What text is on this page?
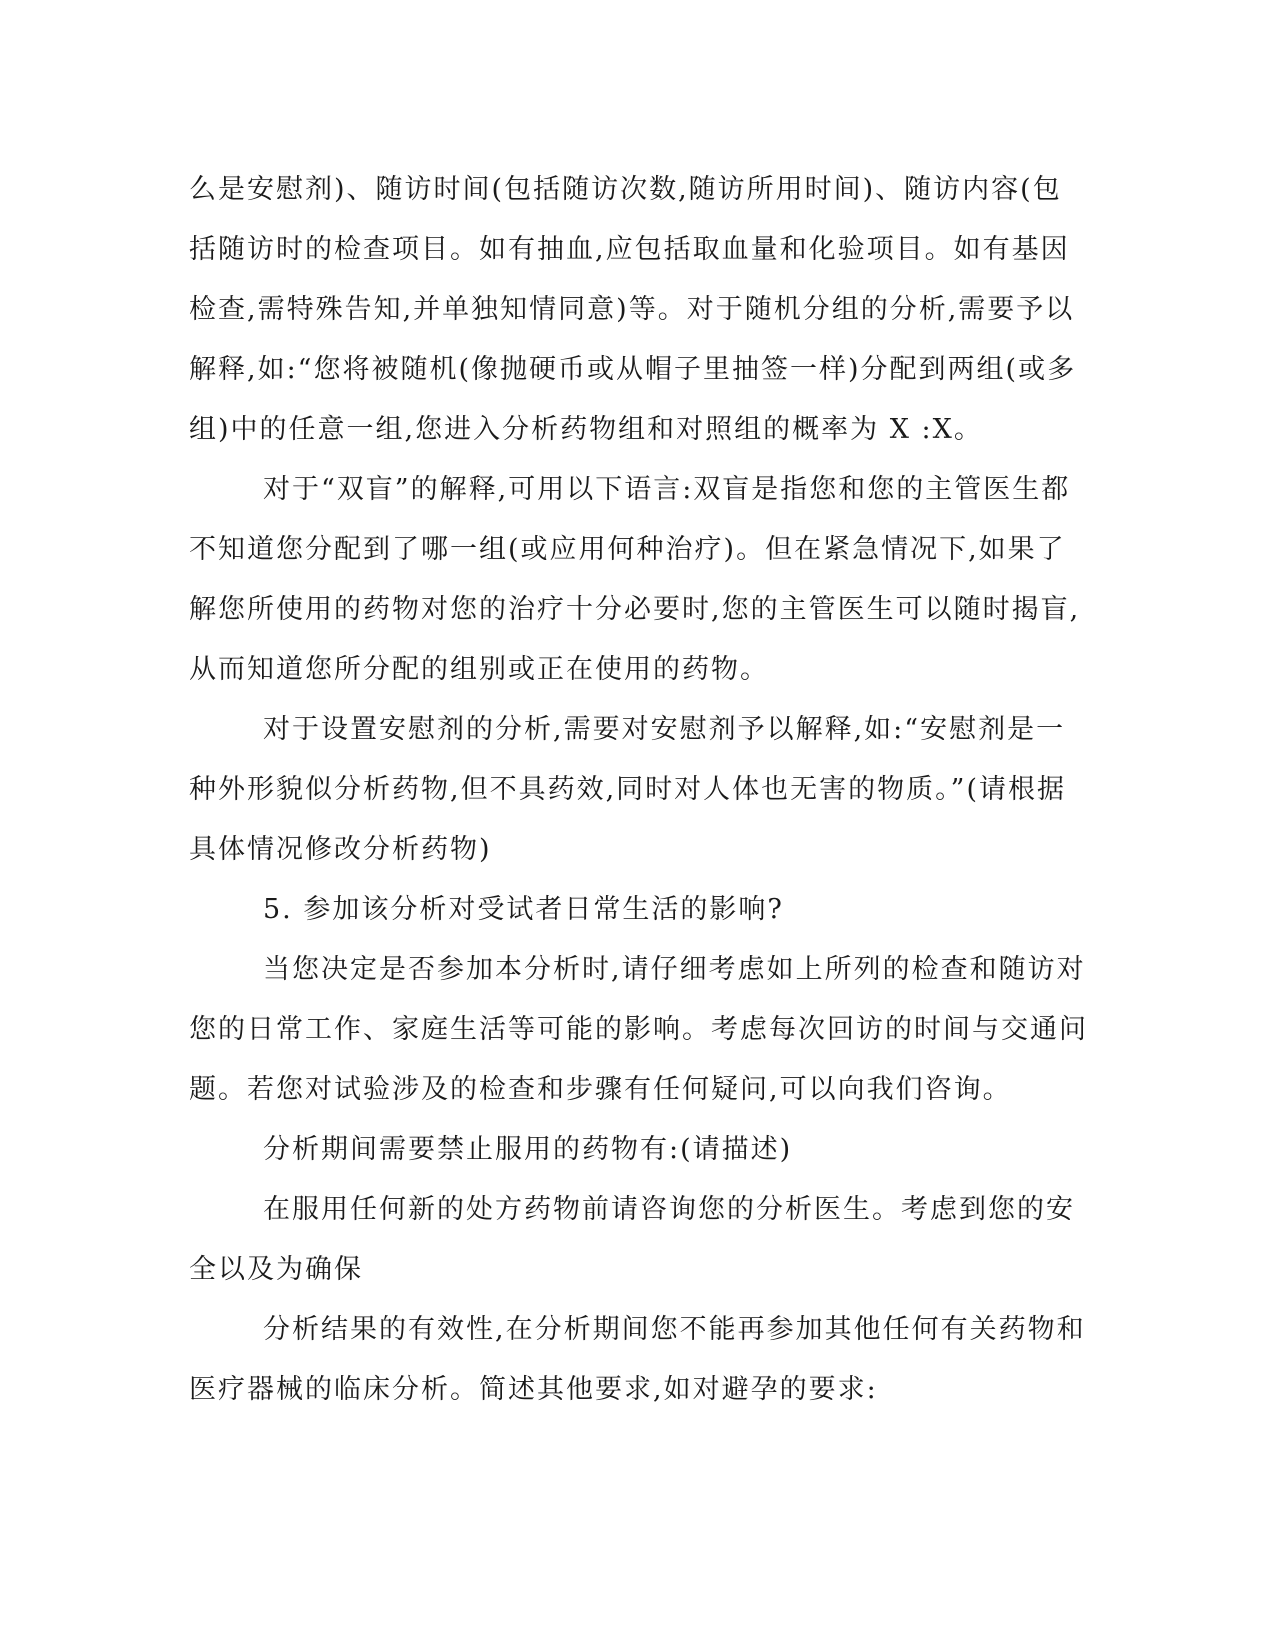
么是安慰剂)、随访时间(包括随访次数,随访所用时间)、随访内容(包括随访时的检查项目。如有抽血,应包括取血量和化验项目。如有基因检查,需特殊告知,并单独知情同意)等。对于随机分组的分析,需要予以解释,如:“您将被随机(像抛硬币或从帽子里抽签一样)分配到两组(或多组)中的任意一组,您进入分析药物组和对照组的概率为 X :X。

对于“双盲”的解释,可用以下语言:双盲是指您和您的主管医生都不知道您分配到了哪一组(或应用何种治疗)。但在紧急情况下,如果了解您所使用的药物对您的治疗十分必要时,您的主管医生可以随时揭盲,从而知道您所分配的组别或正在使用的药物。

对于设置安慰剂的分析,需要对安慰剂予以解释,如:“安慰剂是一种外形貌似分析药物,但不具药效,同时对人体也无害的物质。”(请根据具体情况修改分析药物)

5. 参加该分析对受试者日常生活的影响?

当您决定是否参加本分析时,请仔细考虑如上所列的检查和随访对您的日常工作、家庭生活等可能的影响。考虑每次回访的时间与交通问题。若您对试验涉及的检查和步骤有任何疑问,可以向我们咨询。

分析期间需要禁止服用的药物有:(请描述)

在服用任何新的处方药物前请咨询您的分析医生。考虑到您的安全以及为确保

分析结果的有效性,在分析期间您不能再参加其他任何有关药物和医疗器械的临床分析。简述其他要求,如对避孕的要求:
